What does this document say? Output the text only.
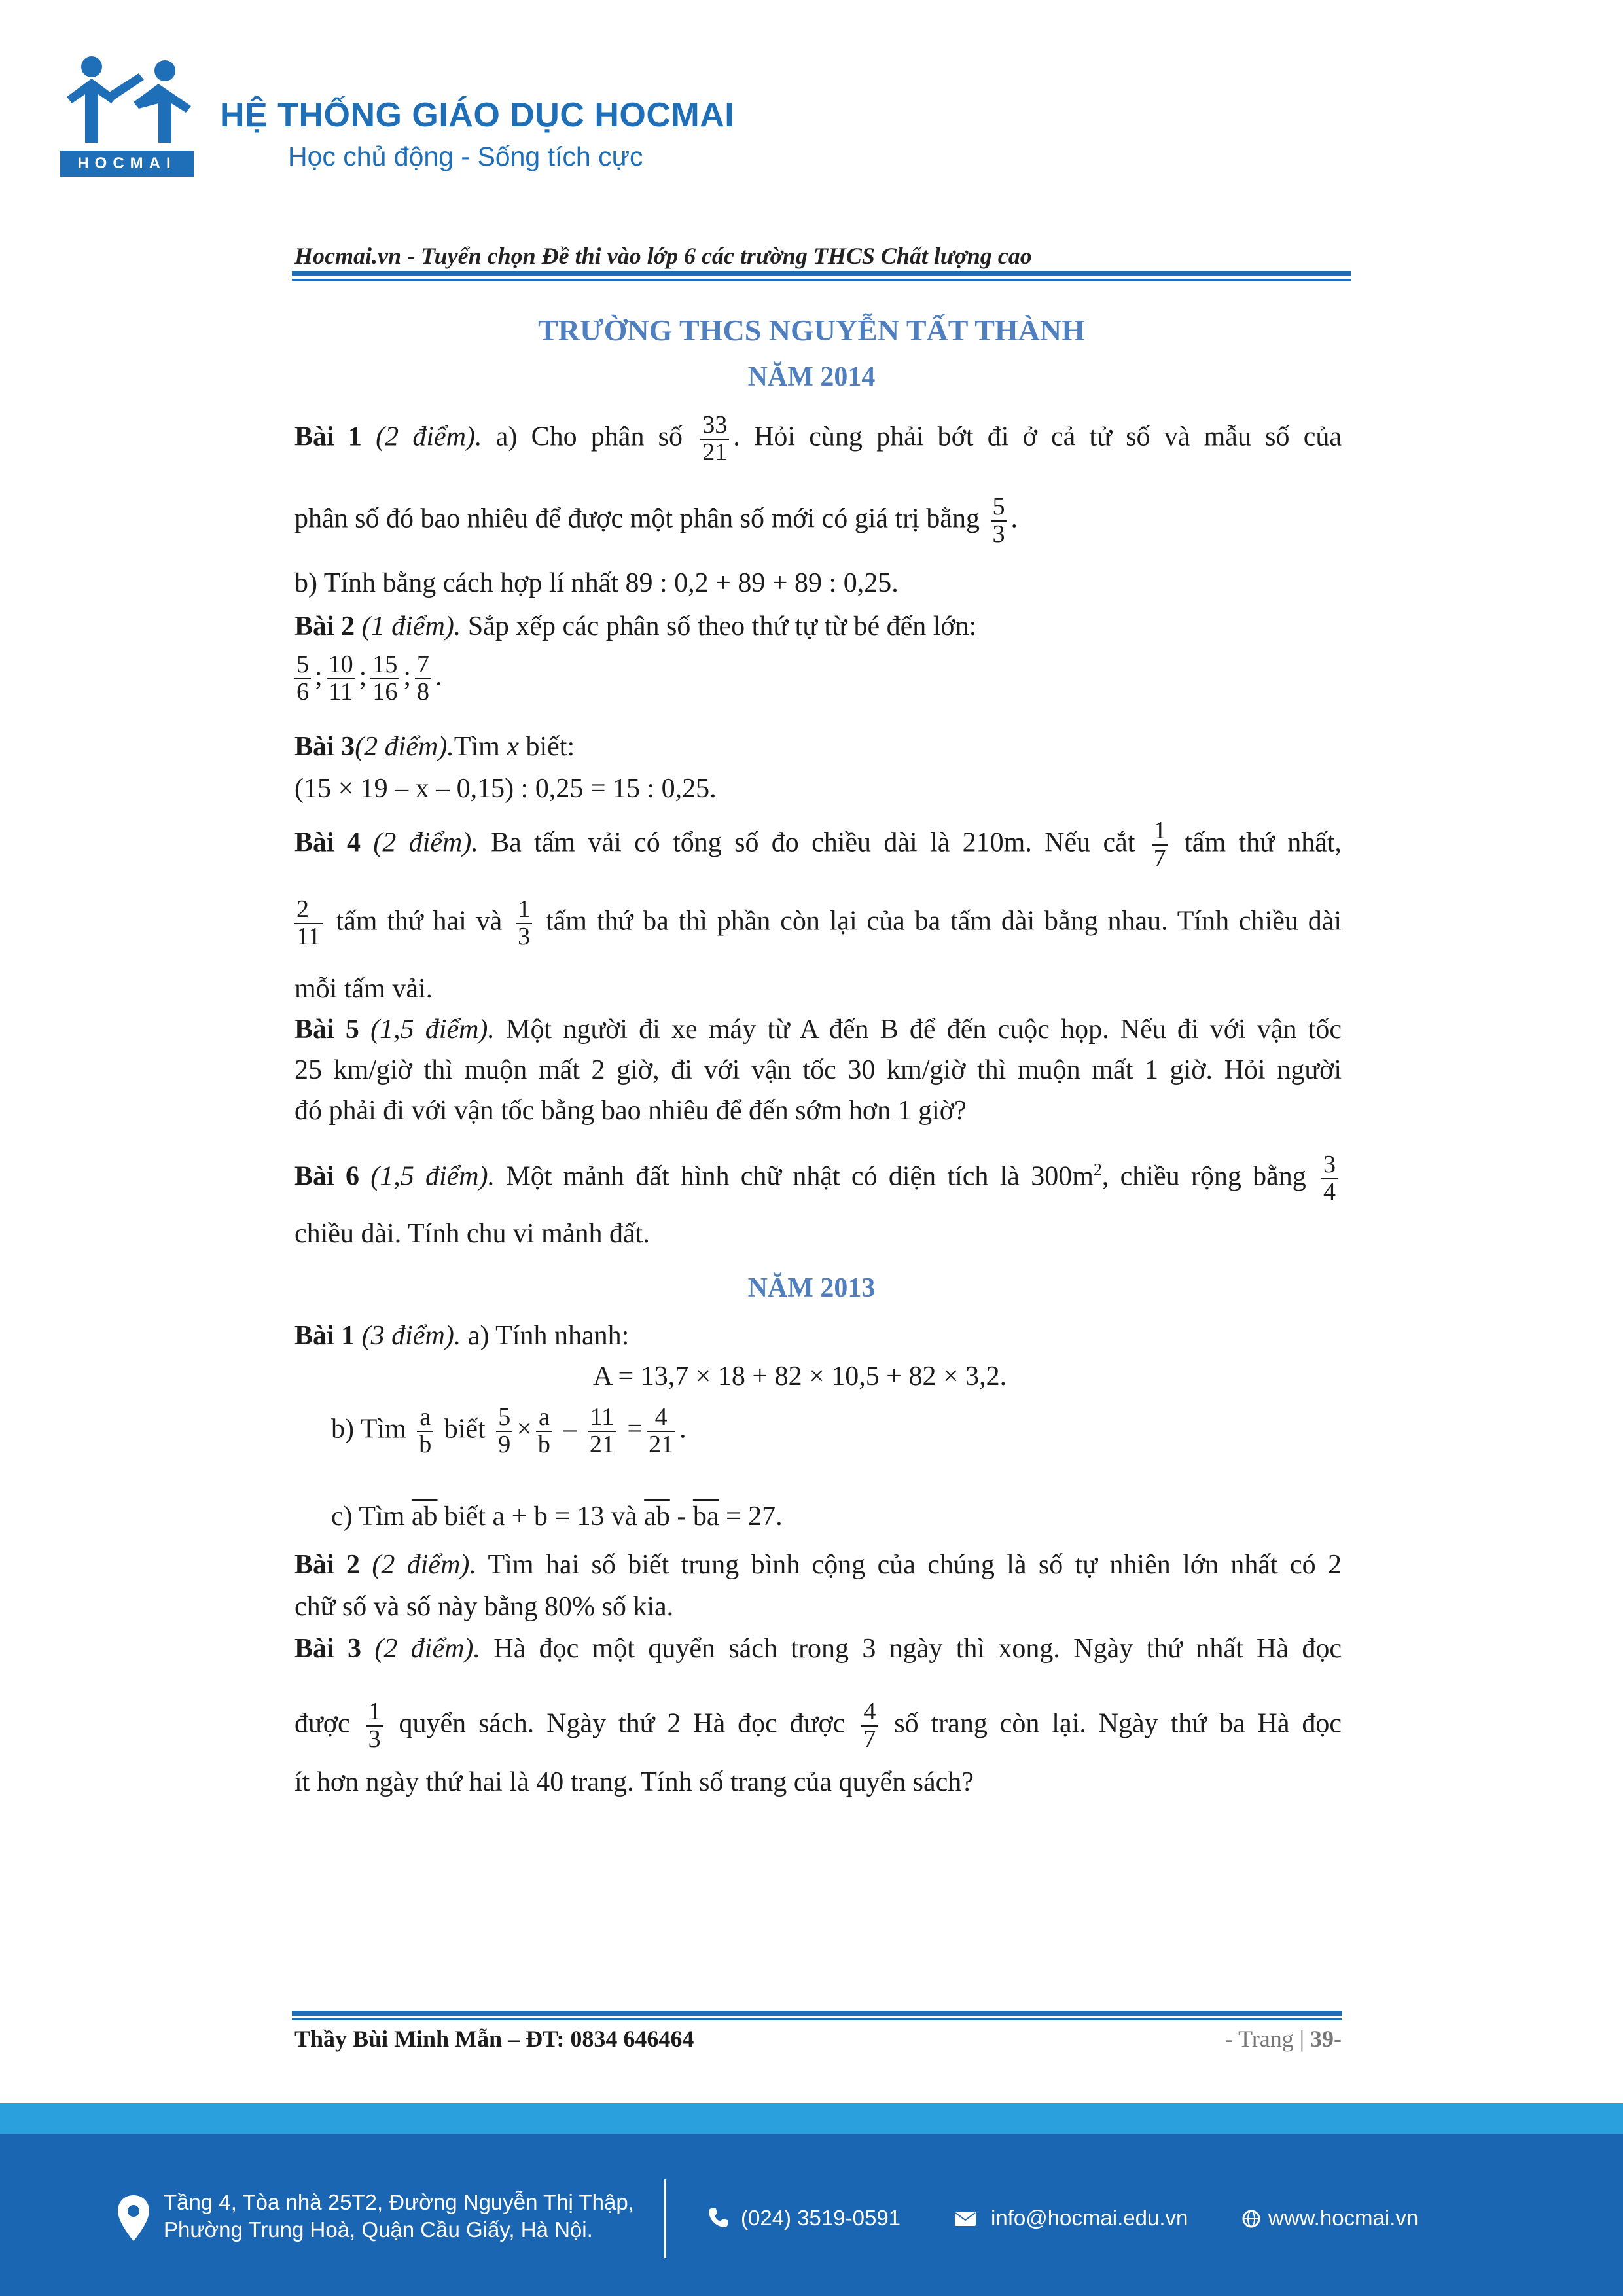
HOCMAI
HỆ THỐNG GIÁO DỤC HOCMAI
Học chủ động - Sống tích cực
Hocmai.vn - Tuyển chọn Đề thi vào lớp 6 các trường THCS Chất lượng cao
TRƯỜNG THCS NGUYỄN TẤT THÀNH
NĂM 2014
Bài 1 (2 điểm). a) Cho phân số $\frac{33}{21}$ . Hỏi cùng phải bớt đi ở cả tử số và mẫu số của
phân số đó bao nhiêu để được một phân số mới có giá trị bằng $\frac{5}{3}$ .
b) Tính bằng cách hợp lí nhất 89 : 0,2 + 89 + 89 : 0,25.
Bài 2 (1 điểm). Sắp xếp các phân số theo thứ tự từ bé đến lớn:
$\frac{5}{6}$ ; $\frac{10}{11}$ ; $\frac{15}{16}$ ; $\frac{7}{8}$ .
Bài 3(2 điểm).Tìm x biết:
(15 × 19 – x – 0,15) : 0,25 = 15 : 0,25.
Bài 4 (2 điểm). Ba tấm vải có tổng số đo chiều dài là 210m. Nếu cắt $\frac{1}{7}$ tấm thứ nhất,
$\frac{2}{11}$ tấm thứ hai và $\frac{1}{3}$ tấm thứ ba thì phần còn lại của ba tấm dài bằng nhau. Tính chiều dài
mỗi tấm vải.
Bài 5 (1,5 điểm). Một người đi xe máy từ A đến B để đến cuộc họp. Nếu đi với vận tốc
25 km/giờ thì muộn mất 2 giờ, đi với vận tốc 30 km/giờ thì muộn mất 1 giờ. Hỏi người
đó phải đi với vận tốc bằng bao nhiêu để đến sớm hơn 1 giờ?
Bài 6 (1,5 điểm). Một mảnh đất hình chữ nhật có diện tích là $300m^2$, chiều rộng bằng $\frac{3}{4}$
chiều dài. Tính chu vi mảnh đất.
NĂM 2013
Bài 1 (3 điểm). a) Tính nhanh:
A = 13,7 × 18 + 82 × 10,5 + 82 × 3,2.
b) Tìm $\frac{a}{b}$ biết $\frac{5}{9} \times \frac{a}{b} - \frac{11}{21} = \frac{4}{21}$ .
c) Tìm $\overline{ab}$ biết a + b = 13 và $\overline{ab} - \overline{ba} = 27$.
Bài 2 (2 điểm). Tìm hai số biết trung bình cộng của chúng là số tự nhiên lớn nhất có 2
chữ số và số này bằng 80% số kia.
Bài 3 (2 điểm). Hà đọc một quyển sách trong 3 ngày thì xong. Ngày thứ nhất Hà đọc
được $\frac{1}{3}$ quyển sách. Ngày thứ 2 Hà đọc được $\frac{4}{7}$ số trang còn lại. Ngày thứ ba Hà đọc
ít hơn ngày thứ hai là 40 trang. Tính số trang của quyển sách?
Thầy Bùi Minh Mẫn – ĐT: 0834 646464	- Trang | 39-
Tầng 4, Tòa nhà 25T2, Đường Nguyễn Thị Thập,
Phường Trung Hoà, Quận Cầu Giấy, Hà Nội.	(024) 3519-0591	info@hocmai.edu.vn	www.hocmai.vn
